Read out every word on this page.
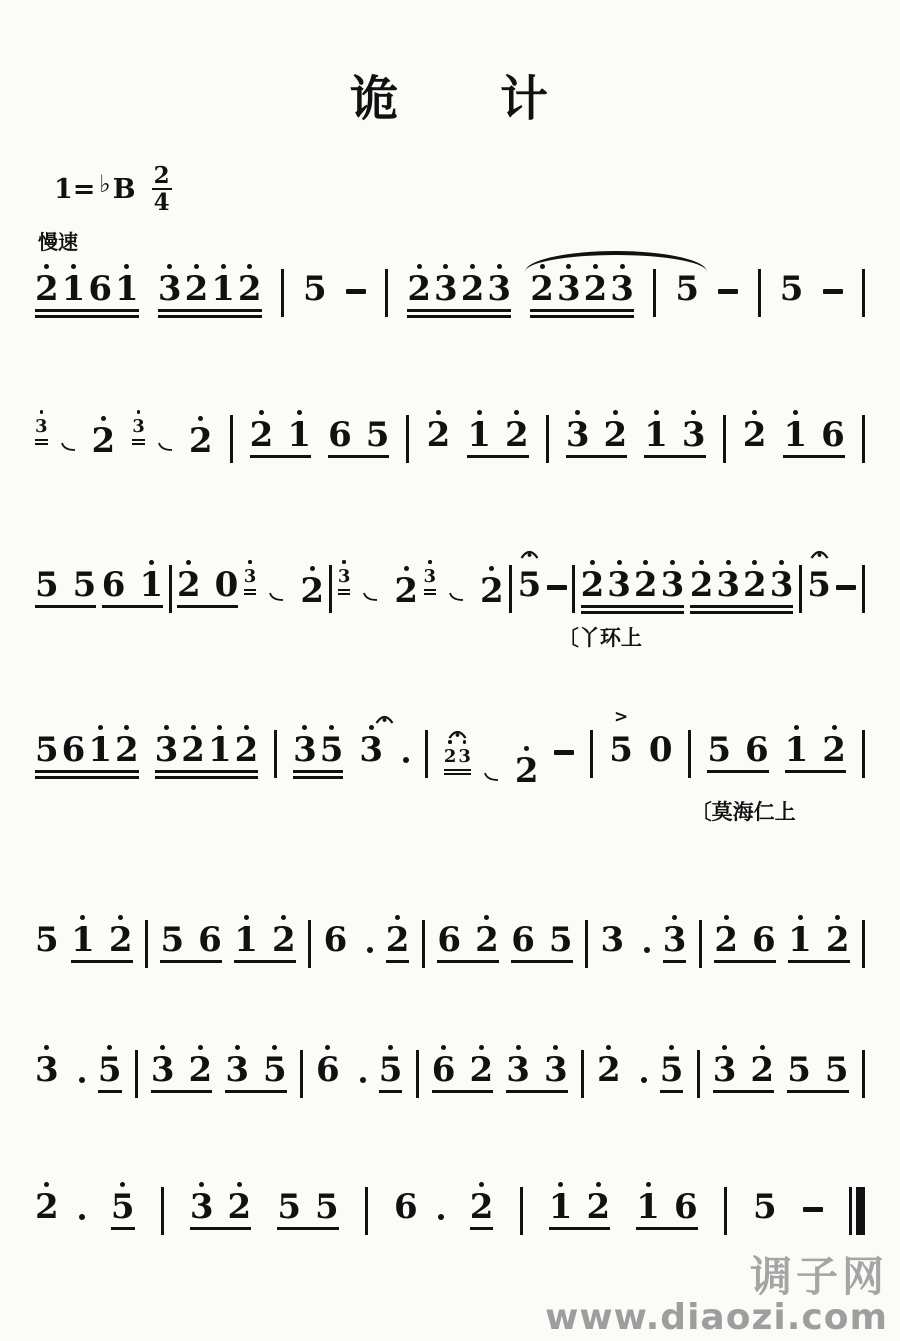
诡　　计
1= ♭ B $\frac{2}{4}$
慢速
2 1 6 1 3 2 1 2 5 2 3 2 3 2 3 2 3 5 5
3 2 3 2 2 1 6 5 2 1 2 3 2 1 3 2 1 6
5 5 6 1 2 0 3 2 3 2 3 2 5 2 3 2 3 2 3 2 3 5
〔丫环上
5 6 1 2 3 2 1 2 3 5 3	2 3 2
>
5 0 5 6 1 2
〔莫海仁上
5 1 2 5 6 1 2 6 2 6 2 6 5 3 3 2 6 1 2
3 5 3 2 3 5 6 5 6 2 3 3 2 5 3 2 5 5
2 5 3 2 5 5 6 2 1 2 1 6 5
调子网
www.diaozi.com
